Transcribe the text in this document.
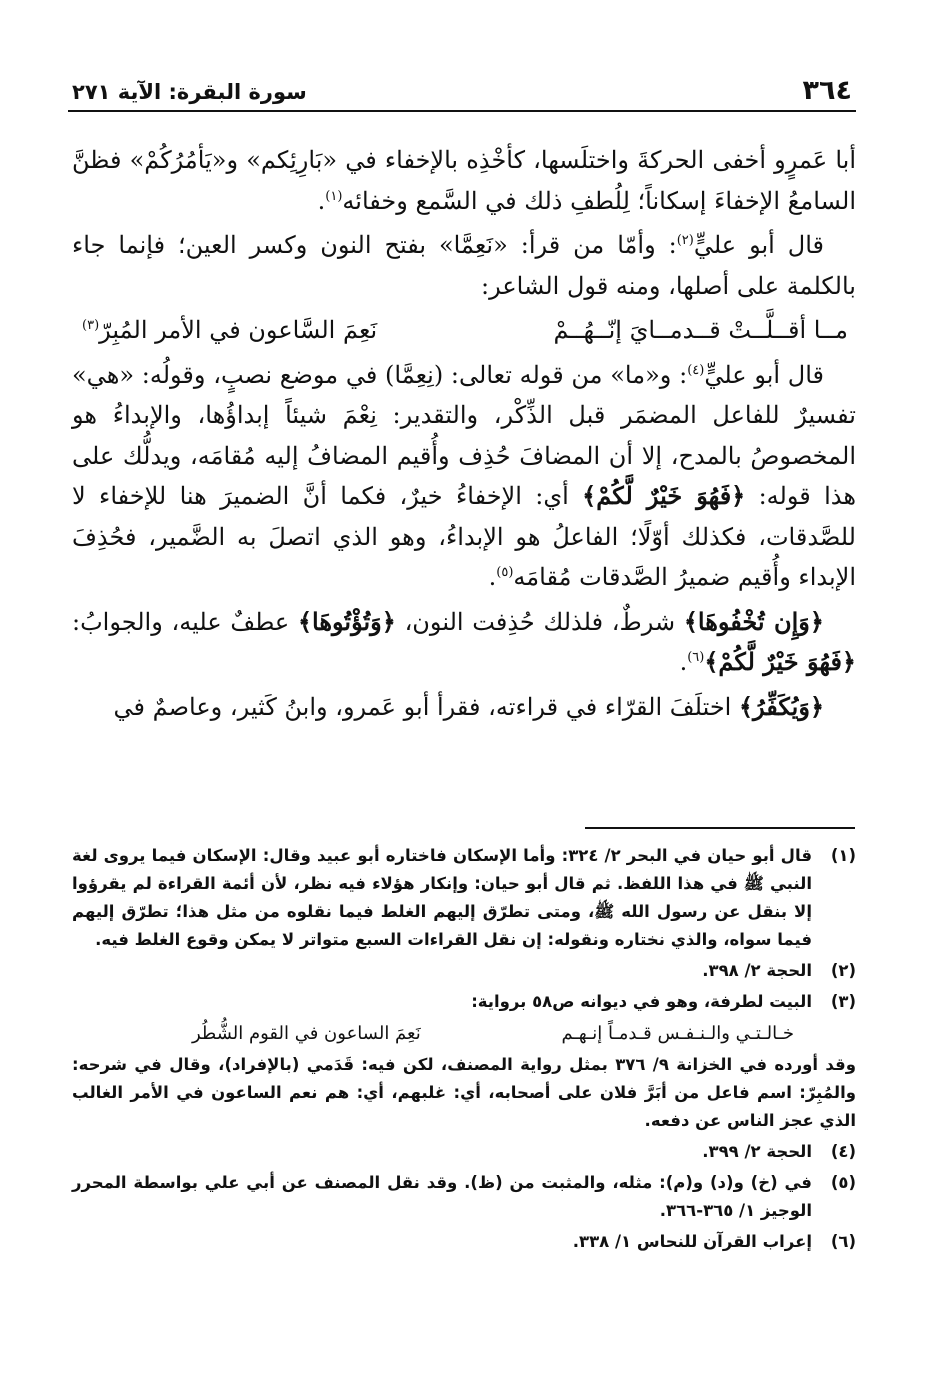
٣٦٤
سورة البقرة: الآية ٢٧١

أبا عَمرٍو أخفى الحركةَ واختلَسها، كأخْذِه بالإخفاء في «بَارِئِكم» و«يَأمُرُكُمْ» فظنَّ السامعُ الإخفاءَ إسكاناً؛ لِلُطفِ ذلك في السَّمع وخفائه$^{(١)}$.

قال أبو عليٍّ$^{(٢)}$: وأمّا من قرأ: «نَعِمَّا» بفتح النون وكسر العين؛ فإنما جاء بالكلمة على أصلها، ومنه قول الشاعر:

مــا أقــلَّــتْ قــدمــايَ إنّــهُــمْ
نَعِمَ السَّاعون في الأمر المُبِرّ$^{(٣)}$

قال أبو عليٍّ$^{(٤)}$: و«ما» من قوله تعالى: (نِعِمَّا) في موضع نصبٍ، وقولُه: «هي» تفسيرٌ للفاعل المضمَر قبل الذِّكْر، والتقدير: نِعْمَ شيئاً إبداؤُها، والإبداءُ هو المخصوصُ بالمدح، إلا أن المضافَ حُذِف وأُقيم المضافُ إليه مُقامَه، ويدلُّك على هذا قوله: ﴿فَهُوَ خَيْرٌ لَّكُمْ﴾ أي: الإخفاءُ خيرٌ، فكما أنَّ الضميرَ هنا للإخفاء لا للصَّدقات، فكذلك أوّلًا؛ الفاعلُ هو الإبداءُ، وهو الذي اتصلَ به الضَّمير، فحُذِفَ الإبداء وأُقيم ضميرُ الصَّدقات مُقامَه$^{(٥)}$.

﴿وَإِن تُخْفُوهَا﴾ شرطٌ، فلذلك حُذِفت النون، ﴿وَتُؤْتُوهَا﴾ عطفٌ عليه، والجوابُ: ﴿فَهُوَ خَيْرٌ لَّكُمْ﴾$^{(٦)}$.

﴿وَيُكَفِّرُ﴾ اختلَفَ القرّاء في قراءته، فقرأ أبو عَمرو، وابنُ كَثير، وعاصمٌ في

(١)
قال أبو حيان في البحر ٢/ ٣٢٤: وأما الإسكان فاختاره أبو عبيد وقال: الإسكان فيما يروى لغة النبي ﷺ في هذا اللفظ. ثم قال أبو حيان: وإنكار هؤلاء فيه نظر، لأن أئمة القراءة لم يقرؤوا إلا بنقل عن رسول الله ﷺ، ومتى تطرّق إليهم الغلط فيما نقلوه من مثل هذا؛ تطرّق إليهم فيما سواه، والذي نختاره ونقوله: إن نقل القراءات السبع متواتر لا يمكن وقوع الغلط فيه.
(٢)
الحجة ٢/ ٣٩٨.
(٣)
البيت لطرفة، وهو في ديوانه ص٥٨ برواية:
خـالـتـي والـنـفـس قـدمـاً إنـهـم
نَعِمَ الساعون في القوم الشُّطُر
وقد أورده في الخزانة ٩/ ٣٧٦ بمثل رواية المصنف، لكن فيه: قَدَمي (بالإفراد)، وقال في شرحه: والمُبِرّ: اسم فاعل من أبَرَّ فلان على أصحابه، أي: غلبهم، أي: هم نعم الساعون في الأمر الغالب الذي عجز الناس عن دفعه.
(٤)
الحجة ٢/ ٣٩٩.
(٥)
في (خ) و(د) و(م): مثله، والمثبت من (ظ). وقد نقل المصنف عن أبي علي بواسطة المحرر الوجيز ١/ ٣٦٥-٣٦٦.
(٦)
إعراب القرآن للنحاس ١/ ٣٣٨.
